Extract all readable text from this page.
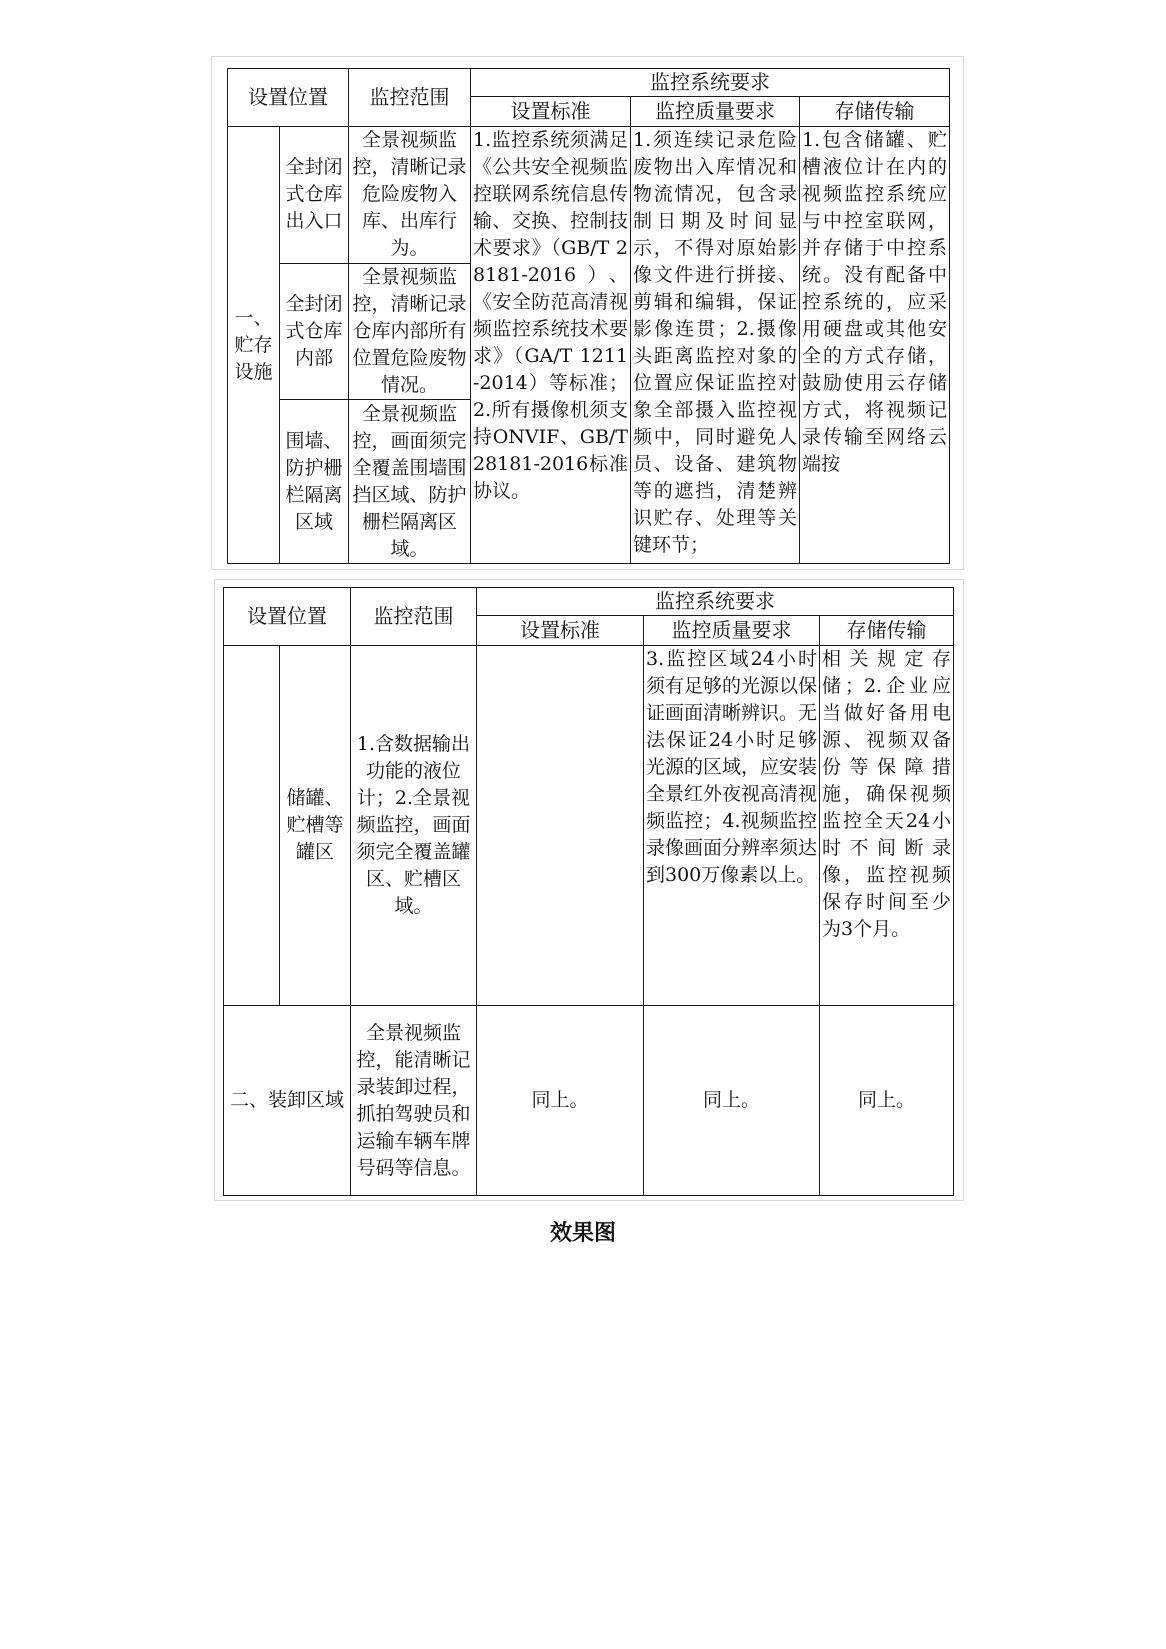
设置位置		监控范围	监控系统要求		
			设置标准	监控质量要求	存储传输
一、贮存设施	全封闭式仓库出入口	全景视频监控，清晰记录危险废物入库、出库行为。	1.监控系统须满足《公共安全视频监控联网系统信息传输、交换、控制技术要求》（GB/T 28181-2016）、《安全防范高清视频监控系统技术要求》（GA/T 1211-2014）等标准；2.所有摄像机须支持ONVIF、GB/T 28181-2016标准协议。	1.须连续记录危险废物出入库情况和物流情况，包含录制日期及时间显示，不得对原始影像文件进行拼接、剪辑和编辑，保证影像连贯；2.摄像头距离监控对象的位置应保证监控对象全部摄入监控视频中，同时避免人员、设备、建筑物等的遮挡，清楚辨识贮存、处理等关键环节；	1.包含储罐、贮槽液位计在内的视频监控系统应与中控室联网，并存储于中控系统。没有配备中控系统的，应采用硬盘或其他安全的方式存储，鼓励使用云存储方式，将视频记录传输至网络云端按
	全封闭式仓库内部	全景视频监控，清晰记录仓库内部所有位置危险废物情况。			
	围墙、防护栅栏隔离区域	全景视频监控，画面须完全覆盖围墙围挡区域、防护栅栏隔离区域。			
设置位置		监控范围	监控系统要求		
			设置标准	监控质量要求	存储传输
	储罐、贮槽等罐区	1.含数据输出功能的液位计；2.全景视频监控，画面须完全覆盖罐区、贮槽区域。		3.监控区域24小时须有足够的光源以保证画面清晰辨识。无法保证24小时足够光源的区域，应安装全景红外夜视高清视频监控；4.视频监控录像画面分辨率须达到300万像素以上。	相关规定存储；2.企业应当做好备用电源、视频双备份等保障措施，确保视频监控全天24小时不间断录像，监控视频保存时间至少为3个月。
二、装卸区域		全景视频监控，能清晰记录装卸过程，抓拍驾驶员和运输车辆车牌号码等信息。	同上。	同上。	同上。
效果图
